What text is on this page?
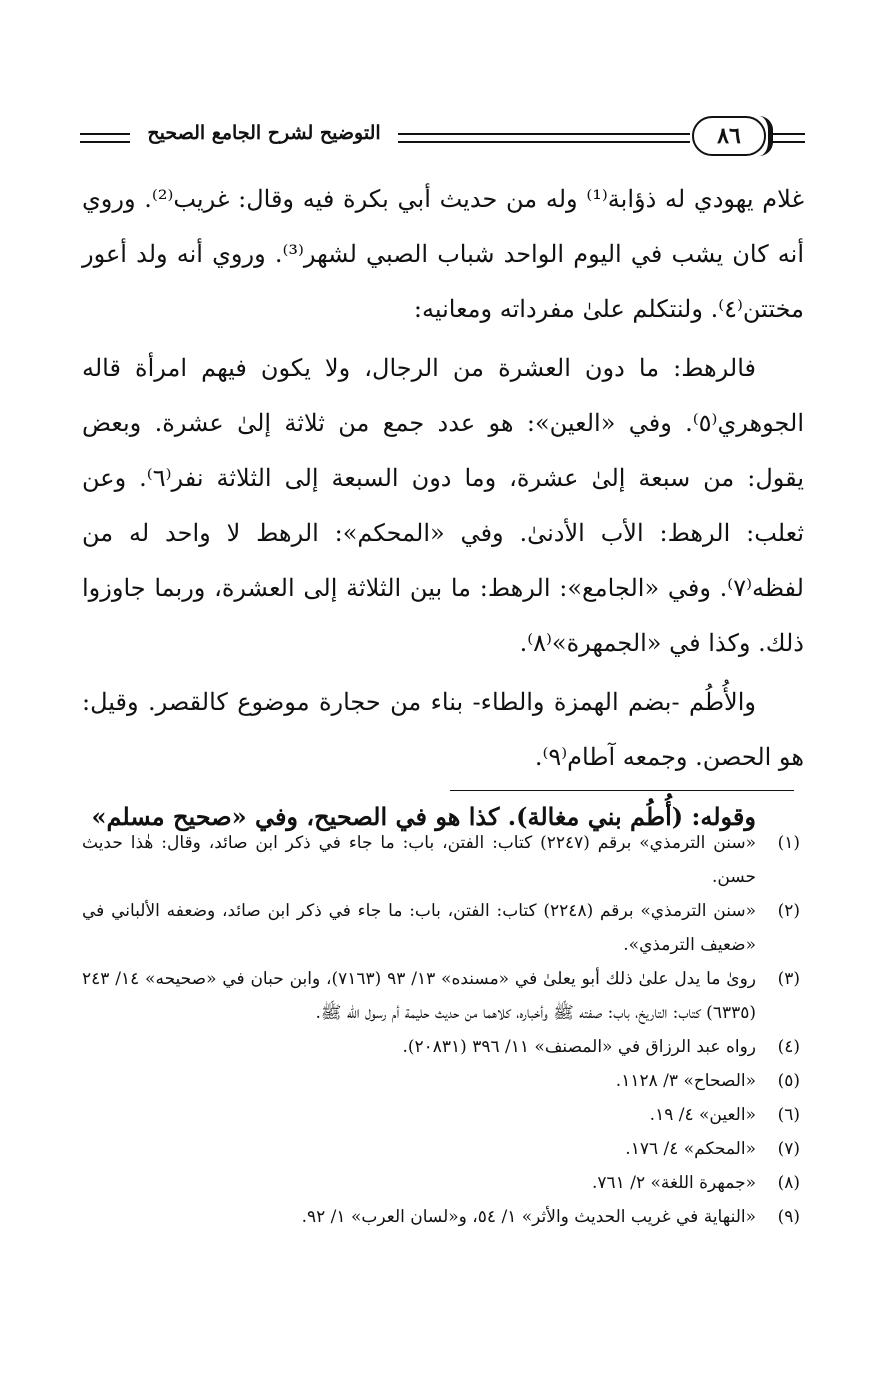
التوضيح لشرح الجامع الصحيح	٨٦

غلام يهودي له ذؤابة⁽¹⁾ وله من حديث أبي بكرة فيه وقال: غريب⁽²⁾. وروي أنه كان يشب في اليوم الواحد شباب الصبي لشهر⁽³⁾. وروي أنه ولد أعور مختتن⁽٤⁾. ولنتكلم علىٰ مفرداته ومعانيه:

فالرهط: ما دون العشرة من الرجال، ولا يكون فيهم امرأة قاله الجوهري⁽٥⁾. وفي «العين»: هو عدد جمع من ثلاثة إلىٰ عشرة. وبعض يقول: من سبعة إلىٰ عشرة، وما دون السبعة إلى الثلاثة نفر⁽٦⁾. وعن ثعلب: الرهط: الأب الأدنىٰ. وفي «المحكم»: الرهط لا واحد له من لفظه⁽٧⁾. وفي «الجامع»: الرهط: ما بين الثلاثة إلى العشرة، وربما جاوزوا ذلك. وكذا في «الجمهرة»⁽٨⁾.

والأُطُم -بضم الهمزة والطاء- بناء من حجارة موضوع كالقصر. وقيل: هو الحصن. وجمعه آطام⁽٩⁾.

وقوله: (أُطُم بني مغالة). كذا هو في الصحيح، وفي «صحيح مسلم»

(١)
«سنن الترمذي» برقم (٢٢٤٧) كتاب: الفتن، باب: ما جاء في ذكر ابن صائد، وقال: هٰذا حديث حسن.
(٢)
«سنن الترمذي» برقم (٢٢٤٨) كتاب: الفتن، باب: ما جاء في ذكر ابن صائد، وضعفه الألباني في «ضعيف الترمذي».
(٣)
رویٰ ما يدل علىٰ ذلك أبو يعلىٰ في «مسنده» ١٣/ ٩٣ (٧١٦٣)، وابن حبان في «صحيحه» ١٤/ ٢٤٣ (٦٣٣٥) كتاب: التاريخ، باب: صفته ﷺ وأخباره، كلاهما من حديث حليمة أم رسول الله ﷺ.
(٤)
رواه عبد الرزاق في «المصنف» ١١/ ٣٩٦ (٢٠٨٣١).
(٥)
«الصحاح» ٣/ ١١٢٨.
(٦)
«العين» ٤/ ١٩.
(٧)
«المحكم» ٤/ ١٧٦.
(٨)
«جمهرة اللغة» ٢/ ٧٦١.
(٩)
«النهاية في غريب الحديث والأثر» ١/ ٥٤، و«لسان العرب» ١/ ٩٢.
